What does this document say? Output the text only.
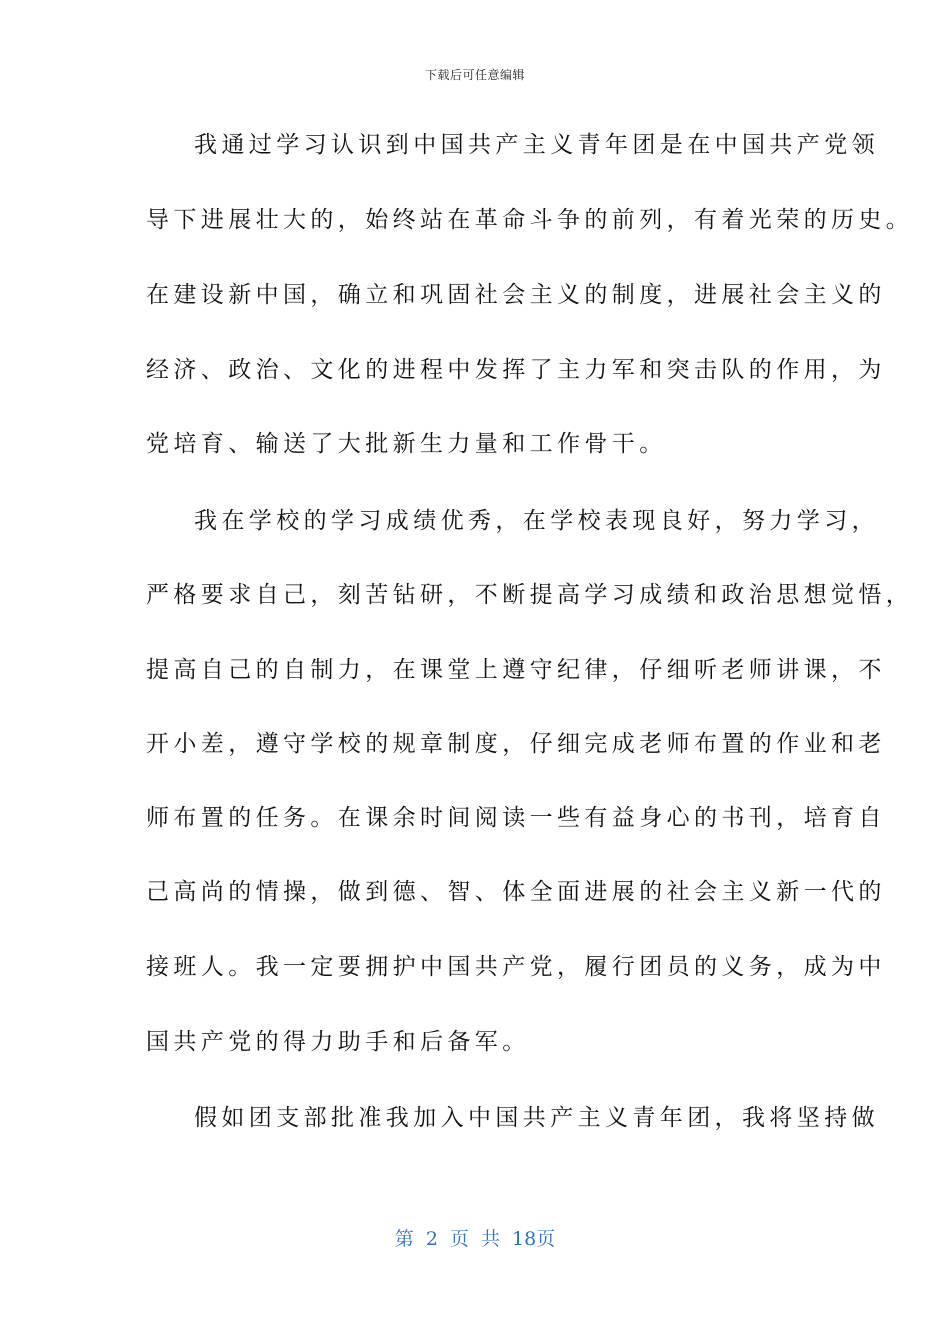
下载后可任意编辑
我通过学习认识到中国共产主义青年团是在中国共产党领
导下进展壮大的，始终站在革命斗争的前列，有着光荣的历史。
在建设新中国，确立和巩固社会主义的制度，进展社会主义的
经济、政治、文化的进程中发挥了主力军和突击队的作用，为
党培育、输送了大批新生力量和工作骨干。
我在学校的学习成绩优秀，在学校表现良好，努力学习，
严格要求自己，刻苦钻研，不断提高学习成绩和政治思想觉悟，
提高自己的自制力，在课堂上遵守纪律，仔细听老师讲课，不
开小差，遵守学校的规章制度，仔细完成老师布置的作业和老
师布置的任务。在课余时间阅读一些有益身心的书刊，培育自
己高尚的情操，做到德、智、体全面进展的社会主义新一代的
接班人。我一定要拥护中国共产党，履行团员的义务，成为中
国共产党的得力助手和后备军。
假如团支部批准我加入中国共产主义青年团，我将坚持做
第 2 页 共 18页
